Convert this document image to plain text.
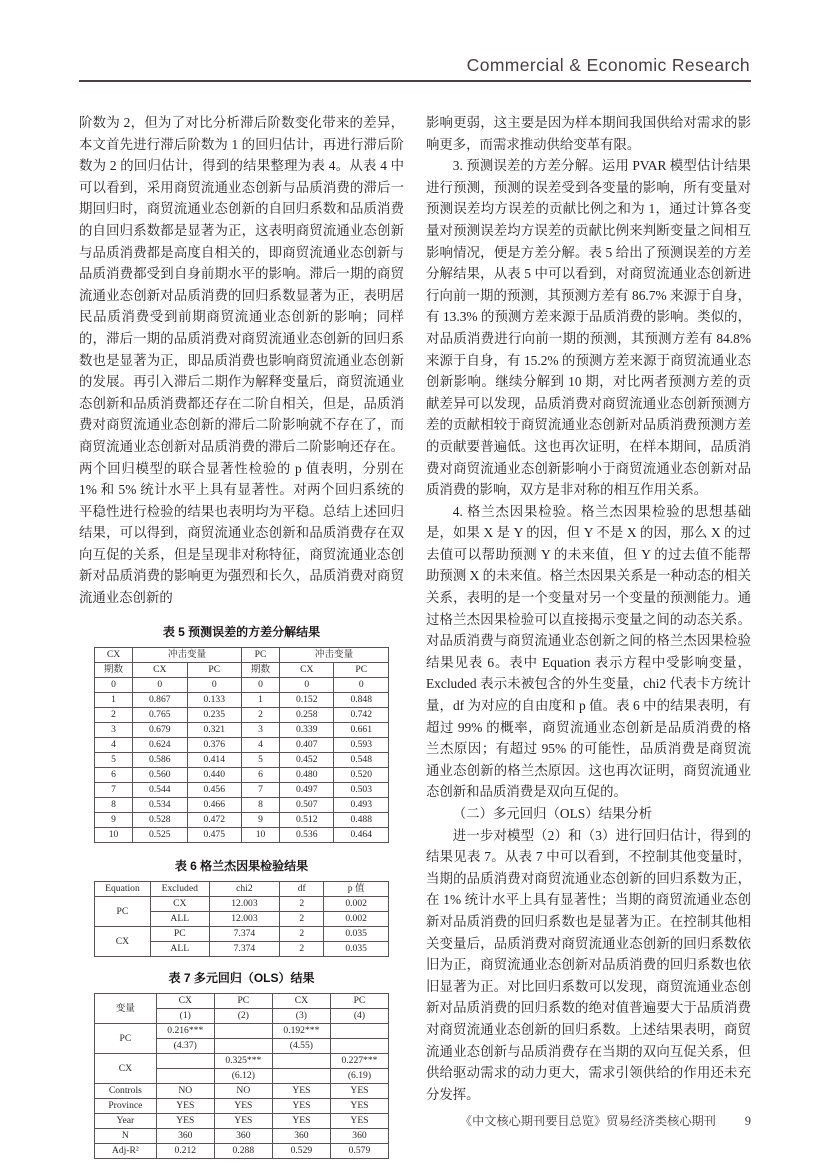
Commercial & Economic Research

阶数为 2，但为了对比分析滞后阶数变化带来的差异，本文首先进行滞后阶数为 1 的回归估计，再进行滞后阶数为 2 的回归估计，得到的结果整理为表 4。从表 4 中可以看到，采用商贸流通业态创新与品质消费的滞后一期回归时，商贸流通业态创新的自回归系数和品质消费的自回归系数都是显著为正，这表明商贸流通业态创新与品质消费都是高度自相关的，即商贸流通业态创新与品质消费都受到自身前期水平的影响。滞后一期的商贸流通业态创新对品质消费的回归系数显著为正，表明居民品质消费受到前期商贸流通业态创新的影响；同样的，滞后一期的品质消费对商贸流通业态创新的回归系数也是显著为正，即品质消费也影响商贸流通业态创新的发展。再引入滞后二期作为解释变量后，商贸流通业态创新和品质消费都还存在二阶自相关，但是，品质消费对商贸流通业态创新的滞后二阶影响就不存在了，而商贸流通业态创新对品质消费的滞后二阶影响还存在。两个回归模型的联合显著性检验的 p 值表明，分别在 1% 和 5% 统计水平上具有显著性。对两个回归系统的平稳性进行检验的结果也表明均为平稳。总结上述回归结果，可以得到，商贸流通业态创新和品质消费存在双向互促的关系，但是呈现非对称特征，商贸流通业态创新对品质消费的影响更为强烈和长久，品质消费对商贸流通业态创新的

表 5 预测误差的方差分解结果
CX	冲击变量		PC	冲击变量	
期数	CX	PC	期数	CX	PC
0	0	0	0	0	0
1	0.867	0.133	1	0.152	0.848
2	0.765	0.235	2	0.258	0.742
3	0.679	0.321	3	0.339	0.661
4	0.624	0.376	4	0.407	0.593
5	0.586	0.414	5	0.452	0.548
6	0.560	0.440	6	0.480	0.520
7	0.544	0.456	7	0.497	0.503
8	0.534	0.466	8	0.507	0.493
9	0.528	0.472	9	0.512	0.488
10	0.525	0.475	10	0.536	0.464
表 6 格兰杰因果检验结果
Equation	Excluded	chi2	df	p 值
PC	CX	12.003	2	0.002
	ALL	12.003	2	0.002
CX	PC	7.374	2	0.035
	ALL	7.374	2	0.035
表 7 多元回归（OLS）结果
变量	CX	PC	CX	PC
	(1)	(2)	(3)	(4)
PC	0.216***		0.192***	
	(4.37)		(4.55)	
CX		0.325***		0.227***
		(6.12)		(6.19)
Controls	NO	NO	YES	YES
Province	YES	YES	YES	YES
Year	YES	YES	YES	YES
N	360	360	360	360
Adj-R²	0.212	0.288	0.529	0.579

影响更弱，这主要是因为样本期间我国供给对需求的影响更多，而需求推动供给变革有限。

3. 预测误差的方差分解。运用 PVAR 模型估计结果进行预测，预测的误差受到各变量的影响，所有变量对预测误差均方误差的贡献比例之和为 1，通过计算各变量对预测误差均方误差的贡献比例来判断变量之间相互影响情况，便是方差分解。表 5 给出了预测误差的方差分解结果，从表 5 中可以看到，对商贸流通业态创新进行向前一期的预测，其预测方差有 86.7% 来源于自身，有 13.3% 的预测方差来源于品质消费的影响。类似的，对品质消费进行向前一期的预测，其预测方差有 84.8% 来源于自身，有 15.2% 的预测方差来源于商贸流通业态创新影响。继续分解到 10 期，对比两者预测方差的贡献差异可以发现，品质消费对商贸流通业态创新预测方差的贡献相较于商贸流通业态创新对品质消费预测方差的贡献要普遍低。这也再次证明，在样本期间，品质消费对商贸流通业态创新影响小于商贸流通业态创新对品质消费的影响，双方是非对称的相互作用关系。

4. 格兰杰因果检验。格兰杰因果检验的思想基础是，如果 X 是 Y 的因，但 Y 不是 X 的因，那么 X 的过去值可以帮助预测 Y 的未来值，但 Y 的过去值不能帮助预测 X 的未来值。格兰杰因果关系是一种动态的相关关系，表明的是一个变量对另一个变量的预测能力。通过格兰杰因果检验可以直接揭示变量之间的动态关系。对品质消费与商贸流通业态创新之间的格兰杰因果检验结果见表 6。表中 Equation 表示方程中受影响变量，Excluded 表示未被包含的外生变量，chi2 代表卡方统计量，df 为对应的自由度和 p 值。表 6 中的结果表明，有超过 99% 的概率，商贸流通业态创新是品质消费的格兰杰原因；有超过 95% 的可能性，品质消费是商贸流通业态创新的格兰杰原因。这也再次证明，商贸流通业态创新和品质消费是双向互促的。

（二）多元回归（OLS）结果分析

进一步对模型（2）和（3）进行回归估计，得到的结果见表 7。从表 7 中可以看到，不控制其他变量时，当期的品质消费对商贸流通业态创新的回归系数为正，在 1% 统计水平上具有显著性；当期的商贸流通业态创新对品质消费的回归系数也是显著为正。在控制其他相关变量后，品质消费对商贸流通业态创新的回归系数依旧为正，商贸流通业态创新对品质消费的回归系数也依旧显著为正。对比回归系数可以发现，商贸流通业态创新对品质消费的回归系数的绝对值普遍要大于品质消费对商贸流通业态创新的回归系数。上述结果表明，商贸流通业态创新与品质消费存在当期的双向互促关系，但供给驱动需求的动力更大，需求引领供给的作用还未充分发挥。

《中文核心期刊要目总览》贸易经济类核心期刊 9
